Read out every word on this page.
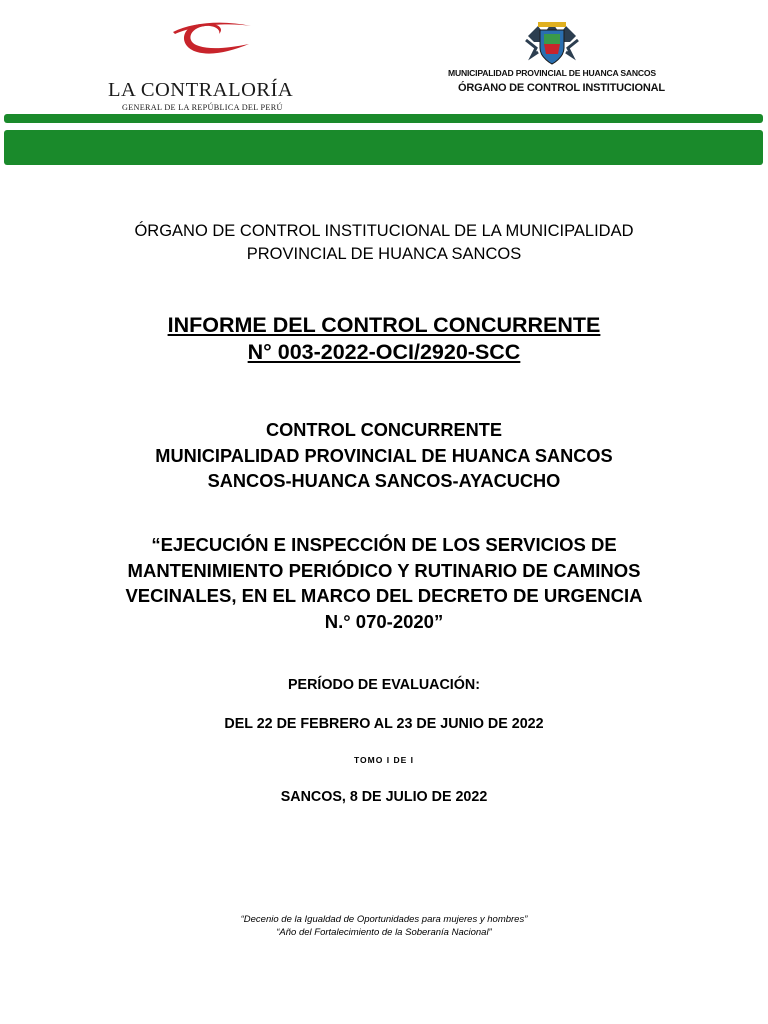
LA CONTRALORÍA
GENERAL DE LA REPÚBLICA DEL PERÚ
MUNICIPALIDAD PROVINCIAL DE HUANCA SANCOS
ÓRGANO DE CONTROL INSTITUCIONAL
ÓRGANO DE CONTROL INSTITUCIONAL DE LA MUNICIPALIDAD
PROVINCIAL DE HUANCA SANCOS
INFORME DEL CONTROL CONCURRENTE
N° 003-2022-OCI/2920-SCC
CONTROL CONCURRENTE
MUNICIPALIDAD PROVINCIAL DE HUANCA SANCOS
SANCOS-HUANCA SANCOS-AYACUCHO
“EJECUCIÓN E INSPECCIÓN DE LOS SERVICIOS DE
MANTENIMIENTO PERIÓDICO Y RUTINARIO DE CAMINOS
VECINALES, EN EL MARCO DEL DECRETO DE URGENCIA
N.° 070-2020”
PERÍODO DE EVALUACIÓN:
DEL 22 DE FEBRERO AL 23 DE JUNIO DE 2022
TOMO I DE I
SANCOS, 8 DE JULIO DE 2022
“Decenio de la Igualdad de Oportunidades para mujeres y hombres”
“Año del Fortalecimiento de la Soberanía Nacional”
